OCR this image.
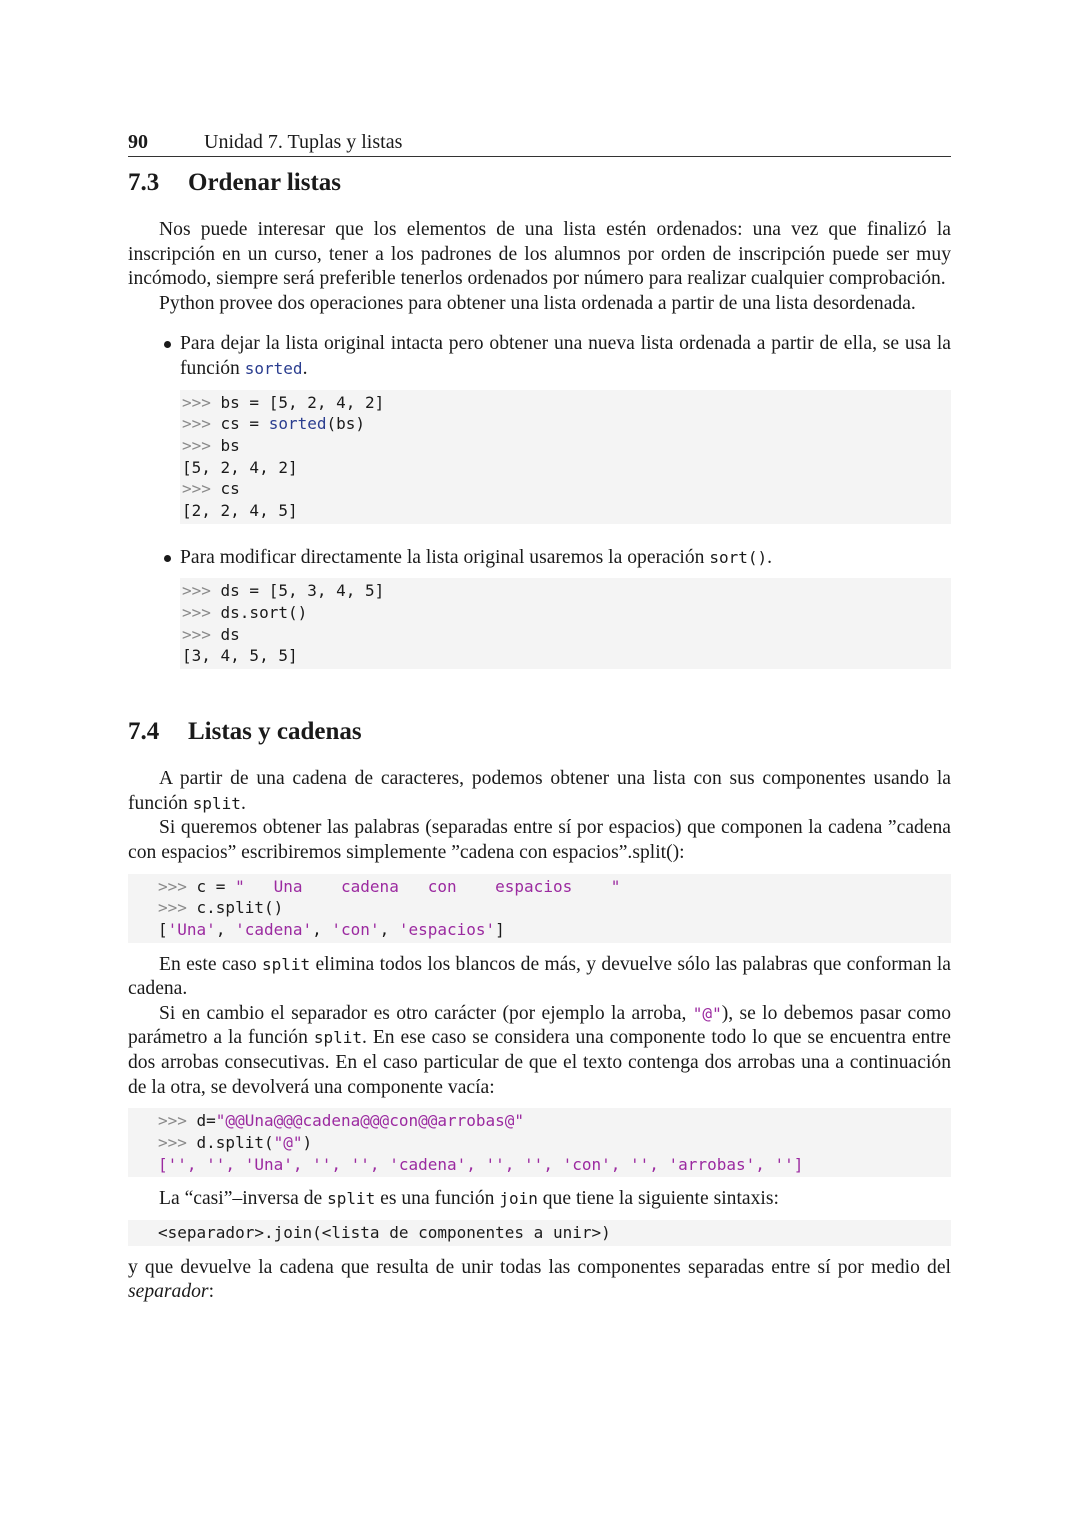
90	Unidad 7. Tuplas y listas
7.3	Ordenar listas

Nos puede interesar que los elementos de una lista estén ordenados: una vez que finalizó la inscripción en un curso, tener a los padrones de los alumnos por orden de inscripción puede ser muy incómodo, siempre será preferible tenerlos ordenados por número para realizar cualquier comprobación.

Python provee dos operaciones para obtener una lista ordenada a partir de una lista desordenada.

Para dejar la lista original intacta pero obtener una nueva lista ordenada a partir de ella, se usa la función sorted.

>>> bs = [5, 2, 4, 2]
>>> cs = sorted(bs)
>>> bs
[5, 2, 4, 2]
>>> cs
[2, 2, 4, 5]

Para modificar directamente la lista original usaremos la operación sort().

>>> ds = [5, 3, 4, 5]
>>> ds.sort()
>>> ds
[3, 4, 5, 5]
7.4	Listas y cadenas

A partir de una cadena de caracteres, podemos obtener una lista con sus componentes usando la función split.

Si queremos obtener las palabras (separadas entre sí por espacios) que componen la cadena ”cadena con espacios” escribiremos simplemente ”cadena con espacios”.split():

>>> c = "   Una    cadena   con    espacios    "
>>> c.split()
['Una', 'cadena', 'con', 'espacios']

En este caso split elimina todos los blancos de más, y devuelve sólo las palabras que conforman la cadena.

Si en cambio el separador es otro carácter (por ejemplo la arroba, "@"), se lo debemos pasar como parámetro a la función split. En ese caso se considera una componente todo lo que se encuentra entre dos arrobas consecutivas. En el caso particular de que el texto contenga dos arrobas una a continuación de la otra, se devolverá una componente vacía:

>>> d="@@Una@@@cadena@@@con@@arrobas@"
>>> d.split("@")
['', '', 'Una', '', '', 'cadena', '', '', 'con', '', 'arrobas', '']

La “casi”–inversa de split es una función join que tiene la siguiente sintaxis:

<separador>.join(<lista de componentes a unir>)

y que devuelve la cadena que resulta de unir todas las componentes separadas entre sí por medio del separador:
